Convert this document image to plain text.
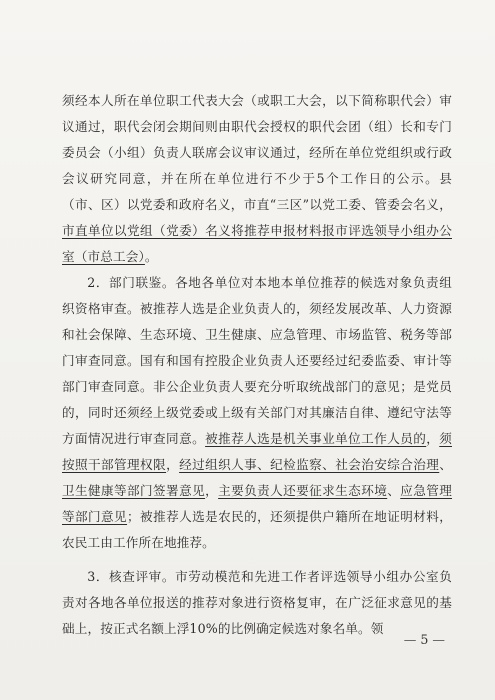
须经本人所在单位职工代表大会（或职工大会，以下简称职代会）审议通过，职代会闭会期间则由职代会授权的职代会团（组）长和专门委员会（小组）负责人联席会议审议通过，经所在单位党组织或行政会议研究同意，并在所在单位进行不少于5个工作日的公示。县（市、区）以党委和政府名义，市直“三区”以党工委、管委会名义，市直单位以党组（党委）名义将推荐申报材料报市评选领导小组办公室（市总工会）。

2．部门联鉴。各地各单位对本地本单位推荐的候选对象负责组织资格审查。被推荐人选是企业负责人的，须经发展改革、人力资源和社会保障、生态环境、卫生健康、应急管理、市场监管、税务等部门审查同意。国有和国有控股企业负责人还要经过纪委监委、审计等部门审查同意。非公企业负责人要充分听取统战部门的意见；是党员的，同时还须经上级党委或上级有关部门对其廉洁自律、遵纪守法等方面情况进行审查同意。被推荐人选是机关事业单位工作人员的，须按照干部管理权限，经过组织人事、纪检监察、社会治安综合治理、卫生健康等部门签署意见，主要负责人还要征求生态环境、应急管理等部门意见；被推荐人选是农民的，还须提供户籍所在地证明材料，农民工由工作所在地推荐。

3．核查评审。市劳动模范和先进工作者评选领导小组办公室负责对各地各单位报送的推荐对象进行资格复审，在广泛征求意见的基础上，按正式名额上浮10%的比例确定候选对象名单。领

— 5 —
